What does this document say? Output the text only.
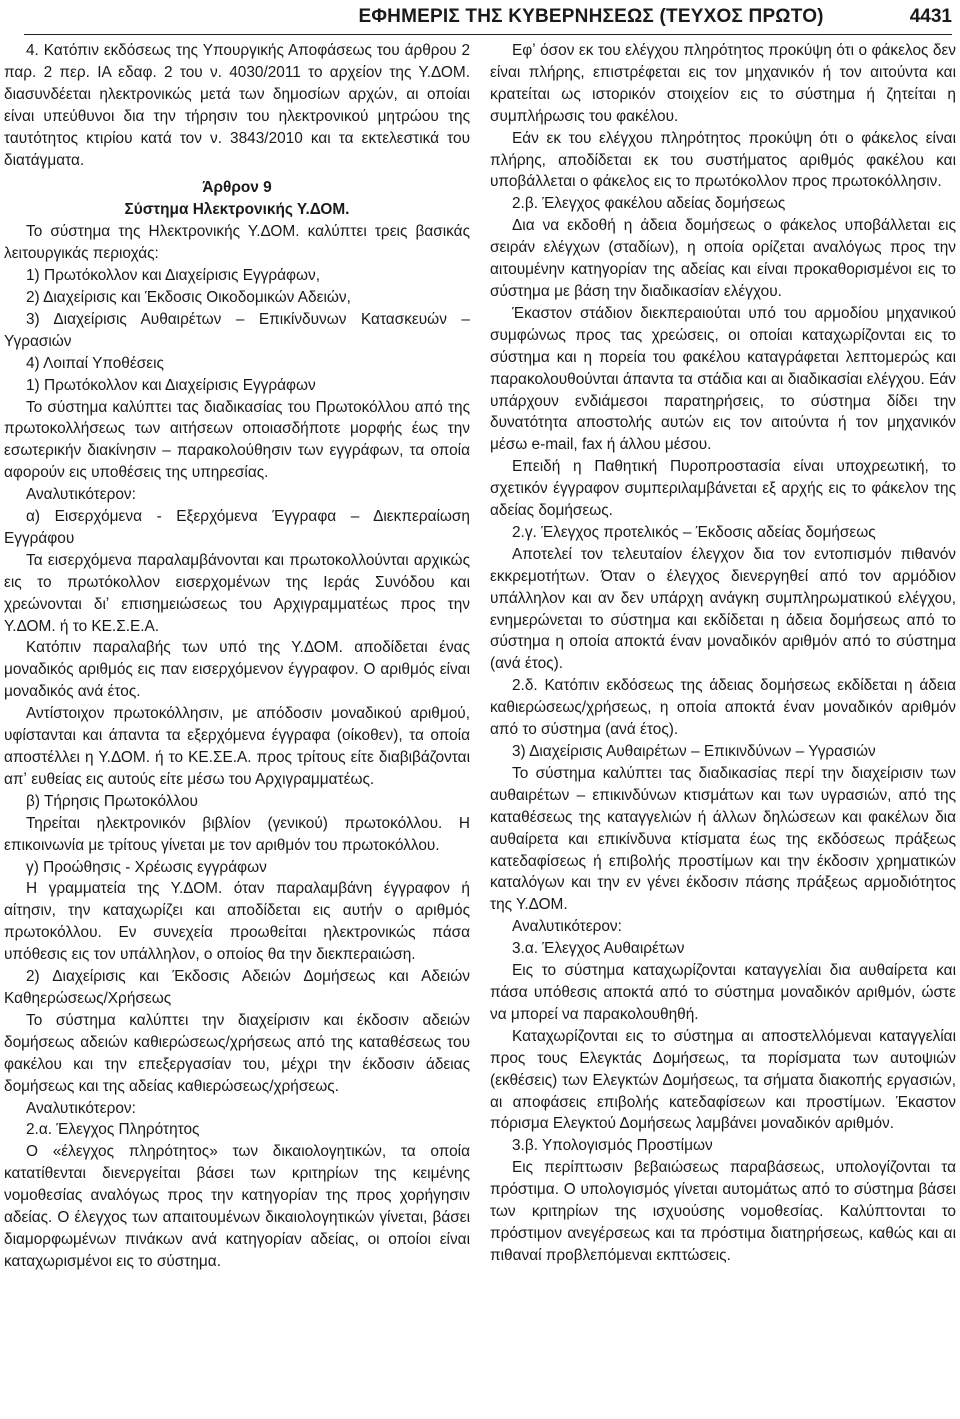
ΕΦΗΜΕΡΙΣ ΤΗΣ ΚΥΒΕΡΝΗΣΕΩΣ (ΤΕΥΧΟΣ ΠΡΩΤΟ)	4431

4. Κατόπιν εκδόσεως της Υπουργικής Αποφάσεως του άρθρου 2 παρ. 2 περ. ΙΑ εδαφ. 2 του ν. 4030/2011 το αρχείον της Υ.ΔΟΜ. διασυνδέεται ηλεκτρονικώς μετά των δημοσίων αρχών, αι οποίαι είναι υπεύθυνοι δια την τήρησιν του ηλεκτρονικού μητρώου της ταυτότητος κτιρίου κατά τον ν. 3843/2010 και τα εκτελεστικά του διατάγματα.

Άρθρον 9

Σύστημα Ηλεκτρονικής Υ.ΔΟΜ.

Το σύστημα της Ηλεκτρονικής Υ.ΔΟΜ. καλύπτει τρεις βασικάς λειτουργικάς περιοχάς:

1) Πρωτόκολλον και Διαχείρισις Εγγράφων,

2) Διαχείρισις και Έκδοσις Οικοδομικών Αδειών,

3) Διαχείρισις Αυθαιρέτων – Επικίνδυνων Κατασκευών – Υγρασιών

4) Λοιπαί Υποθέσεις

1) Πρωτόκολλον και Διαχείρισις Εγγράφων

Το σύστημα καλύπτει τας διαδικασίας του Πρωτοκόλλου από της πρωτοκολλήσεως των αιτήσεων οποιασδήποτε μορφής έως την εσωτερικήν διακίνησιν – παρακολούθησιν των εγγράφων, τα οποία αφορούν εις υποθέσεις της υπηρεσίας.

Αναλυτικότερον:

α) Εισερχόμενα - Εξερχόμενα Έγγραφα – Διεκπεραίωση Εγγράφου

Τα εισερχόμενα παραλαμβάνονται και πρωτοκολλούνται αρχικώς εις το πρωτόκολλον εισερχομένων της Ιεράς Συνόδου και χρεώνονται διʼ επισημειώσεως του Αρχιγραμματέως προς την Υ.ΔΟΜ. ή το ΚΕ.Σ.Ε.Α.

Κατόπιν παραλαβής των υπό της Υ.ΔΟΜ. αποδίδεται ένας μοναδικός αριθμός εις παν εισερχόμενον έγγραφον. Ο αριθμός είναι μοναδικός ανά έτος.

Αντίστοιχον πρωτοκόλλησιν, με απόδοσιν μοναδικού αριθμού, υφίστανται και άπαντα τα εξερχόμενα έγγραφα (οίκοθεν), τα οποία αποστέλλει η Υ.ΔΟΜ. ή το ΚΕ.ΣΕ.Α. προς τρίτους είτε διαβιβάζονται απʼ ευθείας εις αυτούς είτε μέσω του Αρχιγραμματέως.

β) Τήρησις Πρωτοκόλλου

Τηρείται ηλεκτρονικόν βιβλίον (γενικού) πρωτοκόλλου. Η επικοινωνία με τρίτους γίνεται με τον αριθμόν του πρωτοκόλλου.

γ) Προώθησις - Χρέωσις εγγράφων

Η γραμματεία της Υ.ΔΟΜ. όταν παραλαμβάνη έγγραφον ή αίτησιν, την καταχωρίζει και αποδίδεται εις αυτήν ο αριθμός πρωτοκόλλου. Εν συνεχεία προωθείται ηλεκτρονικώς πάσα υπόθεσις εις τον υπάλληλον, ο οποίος θα την διεκπεραιώση.

2) Διαχείρισις και Έκδοσις Αδειών Δομήσεως και Αδειών Καθηερώσεως/Χρήσεως

Το σύστημα καλύπτει την διαχείρισιν και έκδοσιν αδειών δομήσεως αδειών καθιερώσεως/χρήσεως από της καταθέσεως του φακέλου και την επεξεργασίαν του, μέχρι την έκδοσιν άδειας δομήσεως και της αδείας καθιερώσεως/χρήσεως.

Αναλυτικότερον:

2.α. Έλεγχος Πληρότητος

Ο «έλεγχος πληρότητος» των δικαιολογητικών, τα οποία κατατίθενται διενεργείται βάσει των κριτηρίων της κειμένης νομοθεσίας αναλόγως προς την κατηγορίαν της προς χορήγησιν αδείας. Ο έλεγχος των απαιτουμένων δικαιολογητικών γίνεται, βάσει διαμορφωμένων πινάκων ανά κατηγορίαν αδείας, οι οποίοι είναι καταχωρισμένοι εις το σύστημα.

Εφʼ όσον εκ του ελέγχου πληρότητος προκύψη ότι ο φάκελος δεν είναι πλήρης, επιστρέφεται εις τον μηχανικόν ή τον αιτούντα και κρατείται ως ιστορικόν στοιχείον εις το σύστημα ή ζητείται η συμπλήρωσις του φακέλου.

Εάν εκ του ελέγχου πληρότητος προκύψη ότι ο φάκελος είναι πλήρης, αποδίδεται εκ του συστήματος αριθμός φακέλου και υποβάλλεται ο φάκελος εις το πρωτόκολλον προς πρωτοκόλλησιν.

2.β. Έλεγχος φακέλου αδείας δομήσεως

Δια να εκδοθή η άδεια δομήσεως ο φάκελος υποβάλλεται εις σειράν ελέγχων (σταδίων), η οποία ορίζεται αναλόγως προς την αιτουμένην κατηγορίαν της αδείας και είναι προκαθορισμένοι εις το σύστημα με βάση την διαδικασίαν ελέγχου.

Έκαστον στάδιον διεκπεραιούται υπό του αρμοδίου μηχανικού συμφώνως προς τας χρεώσεις, οι οποίαι καταχωρίζονται εις το σύστημα και η πορεία του φακέλου καταγράφεται λεπτομερώς και παρακολουθούνται άπαντα τα στάδια και αι διαδικασίαι ελέγχου. Εάν υπάρχουν ενδιάμεσοι παρατηρήσεις, το σύστημα δίδει την δυνατότητα αποστολής αυτών εις τον αιτούντα ή τον μηχανικόν μέσω e-mail, fax ή άλλου μέσου.

Επειδή η Παθητική Πυροπροστασία είναι υποχρεωτική, το σχετικόν έγγραφον συμπεριλαμβάνεται εξ αρχής εις το φάκελον της αδείας δομήσεως.

2.γ. Έλεγχος προτελικός – Έκδοσις αδείας δομήσεως

Αποτελεί τον τελευταίον έλεγχον δια τον εντοπισμόν πιθανόν εκκρεμοτήτων. Όταν ο έλεγχος διενεργηθεί από τον αρμόδιον υπάλληλον και αν δεν υπάρχη ανάγκη συμπληρωματικού ελέγχου, ενημερώνεται το σύστημα και εκδίδεται η άδεια δομήσεως από το σύστημα η οποία αποκτά έναν μοναδικόν αριθμόν από το σύστημα (ανά έτος).

2.δ. Κατόπιν εκδόσεως της άδειας δομήσεως εκδίδεται η άδεια καθιερώσεως/χρήσεως, η οποία αποκτά έναν μοναδικόν αριθμόν από το σύστημα (ανά έτος).

3) Διαχείρισις Αυθαιρέτων – Επικινδύνων – Υγρασιών

Το σύστημα καλύπτει τας διαδικασίας περί την διαχείρισιν των αυθαιρέτων – επικινδύνων κτισμάτων και των υγρασιών, από της καταθέσεως της καταγγελιών ή άλλων δηλώσεων και φακέλων δια αυθαίρετα και επικίνδυνα κτίσματα έως της εκδόσεως πράξεως κατεδαφίσεως ή επιβολής προστίμων και την έκδοσιν χρηματικών καταλόγων και την εν γένει έκδοσιν πάσης πράξεως αρμοδιότητος της Υ.ΔΟΜ.

Αναλυτικότερον:

3.α. Έλεγχος Αυθαιρέτων

Εις το σύστημα καταχωρίζονται καταγγελίαι δια αυθαίρετα και πάσα υπόθεσις αποκτά από το σύστημα μοναδικόν αριθμόν, ώστε να μπορεί να παρακολουθηθή.

Καταχωρίζονται εις το σύστημα αι αποστελλόμεναι καταγγελίαι προς τους Ελεγκτάς Δομήσεως, τα πορίσματα των αυτοψιών (εκθέσεις) των Ελεγκτών Δομήσεως, τα σήματα διακοπής εργασιών, αι αποφάσεις επιβολής κατεδαφίσεων και προστίμων. Έκαστον πόρισμα Ελεγκτού Δομήσεως λαμβάνει μοναδικόν αριθμόν.

3.β. Υπολογισμός Προστίμων

Εις περίπτωσιν βεβαιώσεως παραβάσεως, υπολογίζονται τα πρόστιμα. Ο υπολογισμός γίνεται αυτομάτως από το σύστημα βάσει των κριτηρίων της ισχυούσης νομοθεσίας. Καλύπτονται το πρόστιμον ανεγέρσεως και τα πρόστιμα διατηρήσεως, καθώς και αι πιθαναί προβλεπόμεναι εκπτώσεις.
